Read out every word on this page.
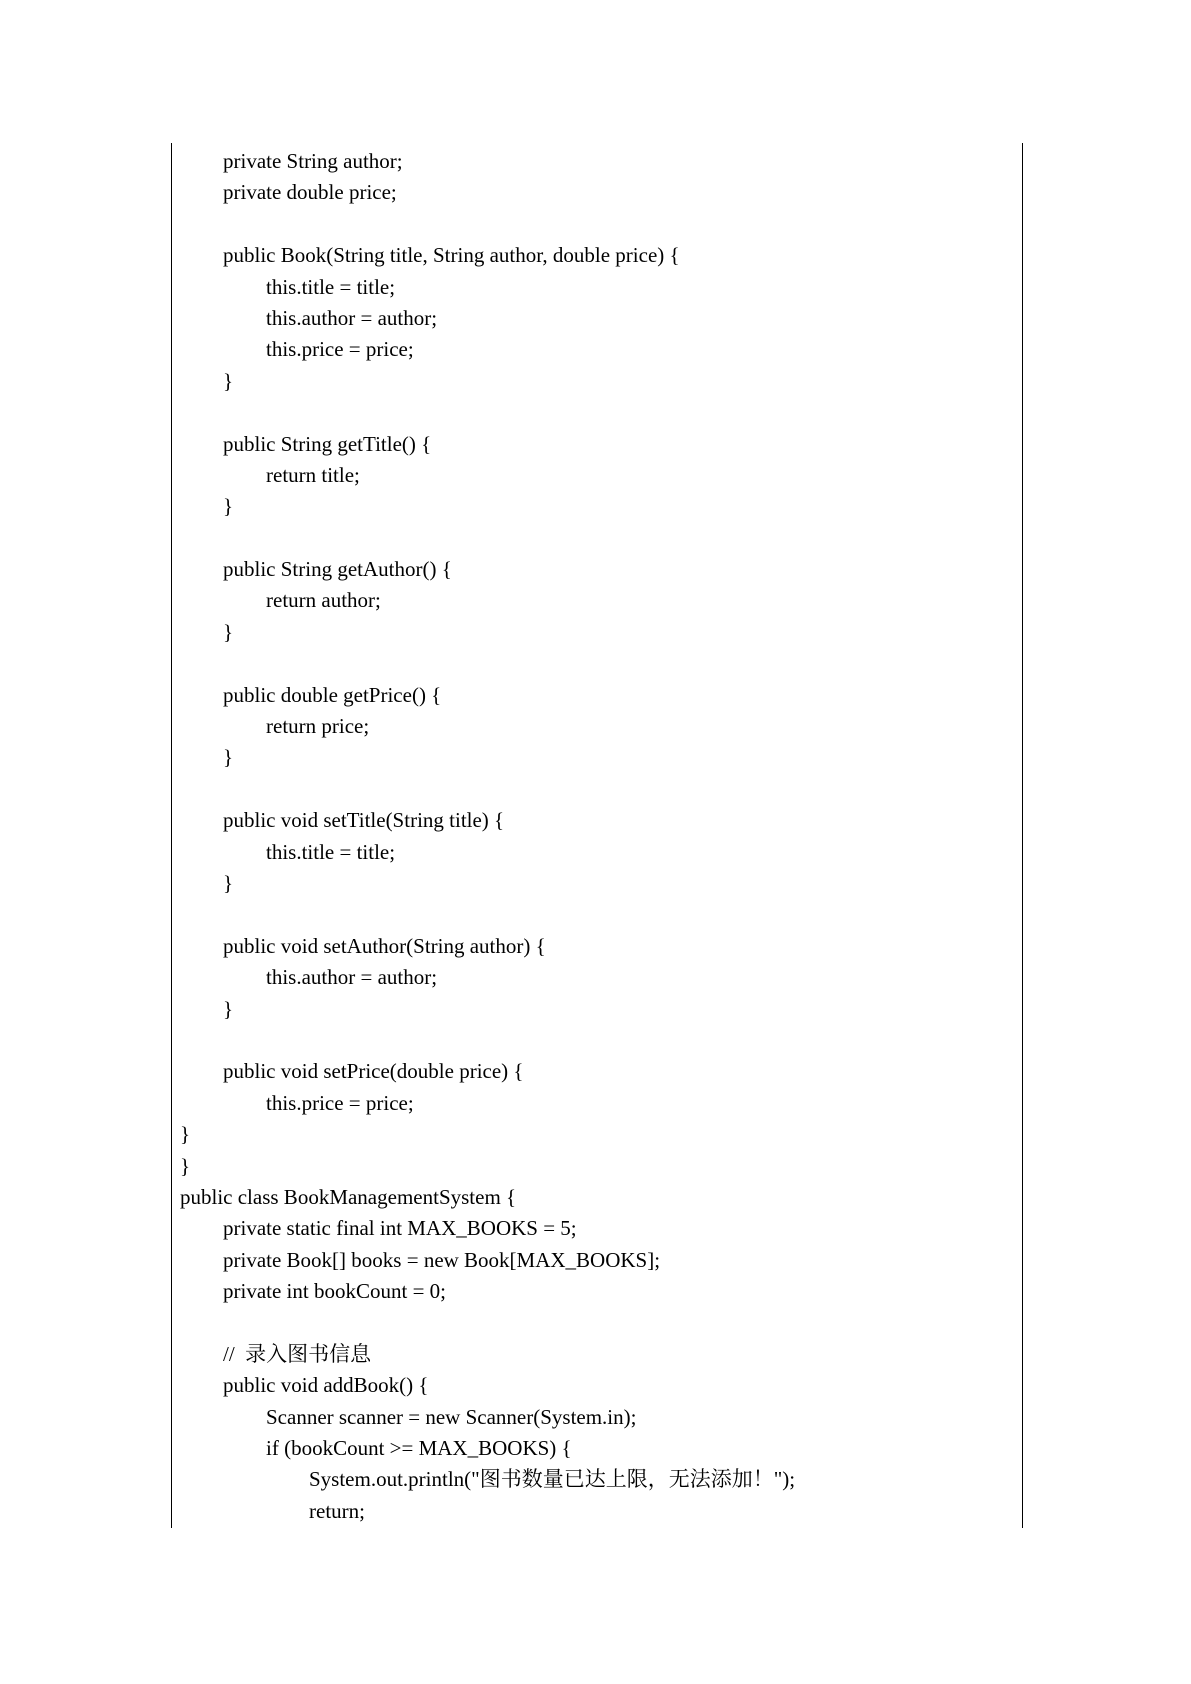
private String author;
private double price;
public Book(String title, String author, double price) {
this.title = title;
this.author = author;
this.price = price;
}
public String getTitle() {
return title;
}
public String getAuthor() {
return author;
}
public double getPrice() {
return price;
}
public void setTitle(String title) {
this.title = title;
}
public void setAuthor(String author) {
this.author = author;
}
public void setPrice(double price) {
this.price = price;
}
}
public class BookManagementSystem {
private static final int MAX_BOOKS = 5;
private Book[] books = new Book[MAX_BOOKS];
private int bookCount = 0;
//  录入图书信息
public void addBook() {
Scanner scanner = new Scanner(System.in);
if (bookCount >= MAX_BOOKS) {
System.out.println("图书数量已达上限，无法添加！");
return;
